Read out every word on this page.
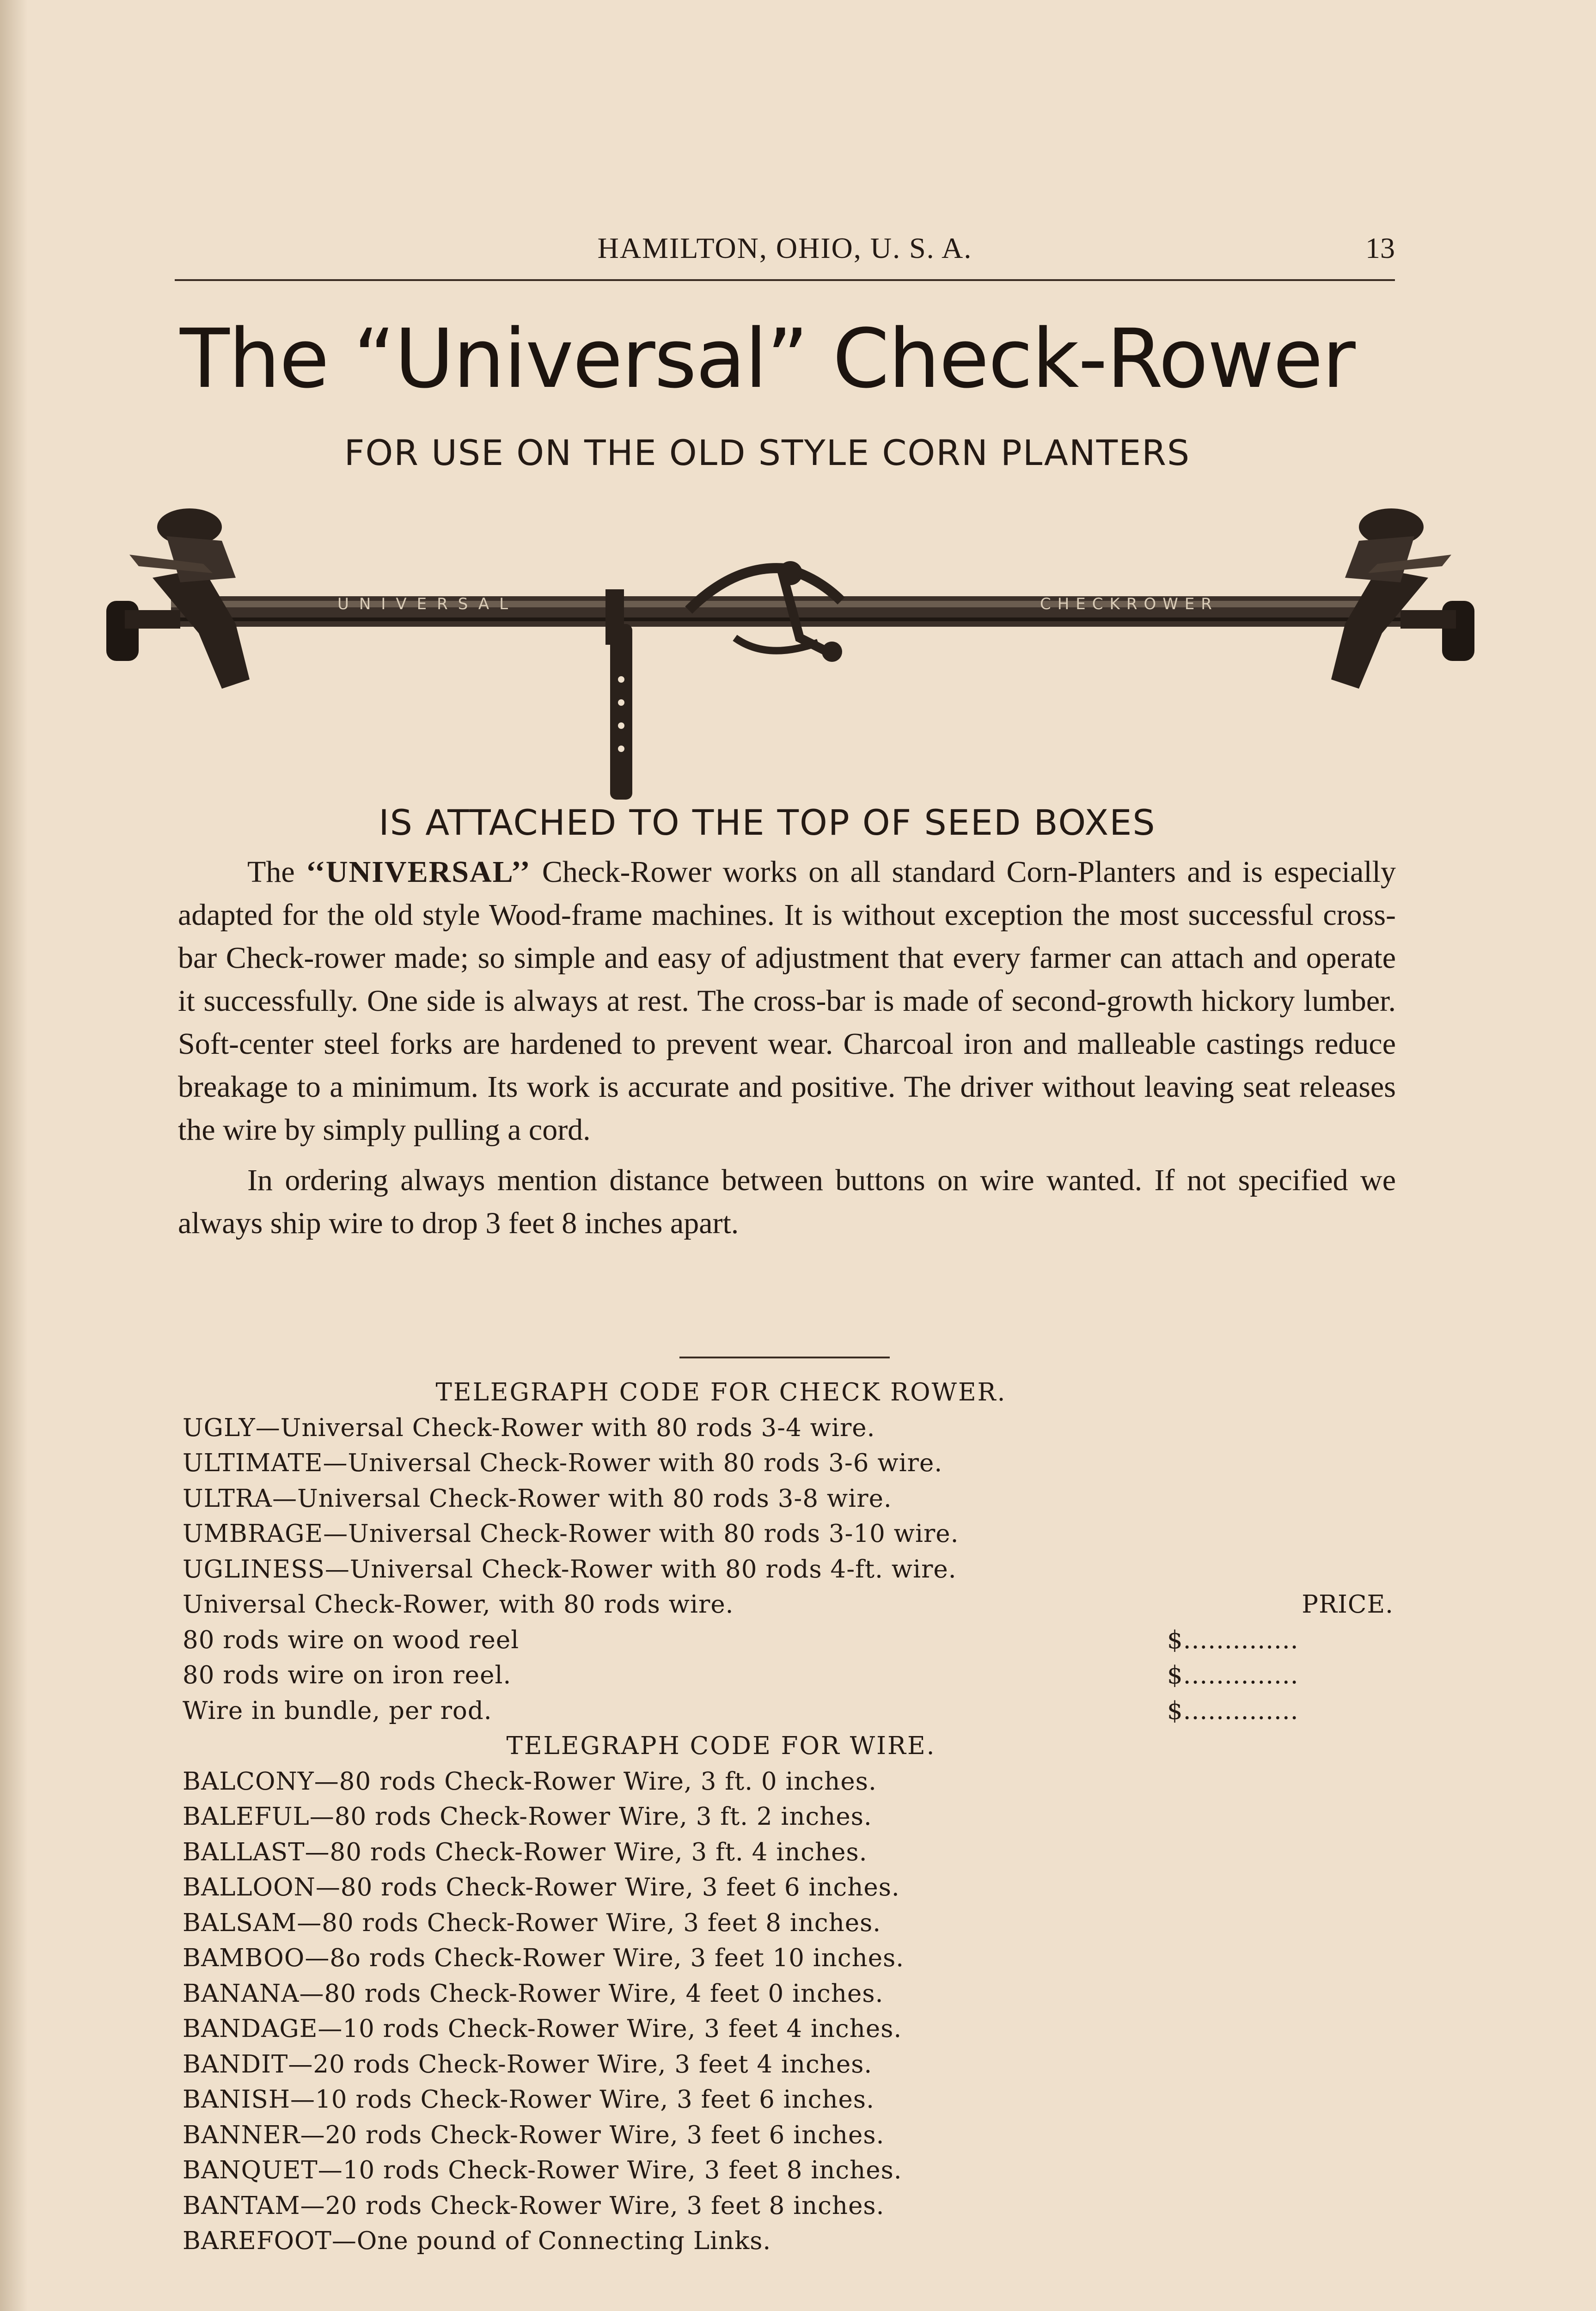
HAMILTON, OHIO, U. S. A.	13
The “Universal” Check-Rower
FOR USE ON THE OLD STYLE CORN PLANTERS
UNIVERSAL	CHECKROWER
IS ATTACHED TO THE TOP OF SEED BOXES

The ‘‘UNIVERSAL’’ Check-Rower works on all standard Corn-Planters and is especially adapted for the old style Wood-frame machines. It is without exception the most successful cross-bar Check-rower made; so simple and easy of adjustment that every farmer can attach and operate it successfully. One side is always at rest. The cross-bar is made of second-growth hickory lumber. Soft-center steel forks are hardened to prevent wear. Charcoal iron and malleable castings reduce breakage to a minimum. Its work is accurate and positive. The driver without leaving seat releases the wire by simply pulling a cord.

In ordering always mention distance between buttons on wire wanted. If not specified we always ship wire to drop 3 feet 8 inches apart.

TELEGRAPH CODE FOR CHECK ROWER.
UGLY—Universal Check-Rower with 80 rods 3-4 wire.
ULTIMATE—Universal Check-Rower with 80 rods 3-6 wire.
ULTRA—Universal Check-Rower with 80 rods 3-8 wire.
UMBRAGE—Universal Check-Rower with 80 rods 3-10 wire.
UGLINESS—Universal Check-Rower with 80 rods 4-ft. wire.
Universal Check-Rower, with 80 rods wire.	PRICE.
80 rods wire on wood reel	$..............
80 rods wire on iron reel.	$..............
Wire in bundle, per rod.	$..............
TELEGRAPH CODE FOR WIRE.
BALCONY—80 rods Check-Rower Wire, 3 ft. 0 inches.
BALEFUL—80 rods Check-Rower Wire, 3 ft. 2 inches.
BALLAST—80 rods Check-Rower Wire, 3 ft. 4 inches.
BALLOON—80 rods Check-Rower Wire, 3 feet 6 inches.
BALSAM—80 rods Check-Rower Wire, 3 feet 8 inches.
BAMBOO—8o rods Check-Rower Wire, 3 feet 10 inches.
BANANA—80 rods Check-Rower Wire, 4 feet 0 inches.
BANDAGE—10 rods Check-Rower Wire, 3 feet 4 inches.
BANDIT—20 rods Check-Rower Wire, 3 feet 4 inches.
BANISH—10 rods Check-Rower Wire, 3 feet 6 inches.
BANNER—20 rods Check-Rower Wire, 3 feet 6 inches.
BANQUET—10 rods Check-Rower Wire, 3 feet 8 inches.
BANTAM—20 rods Check-Rower Wire, 3 feet 8 inches.
BAREFOOT—One pound of Connecting Links.
